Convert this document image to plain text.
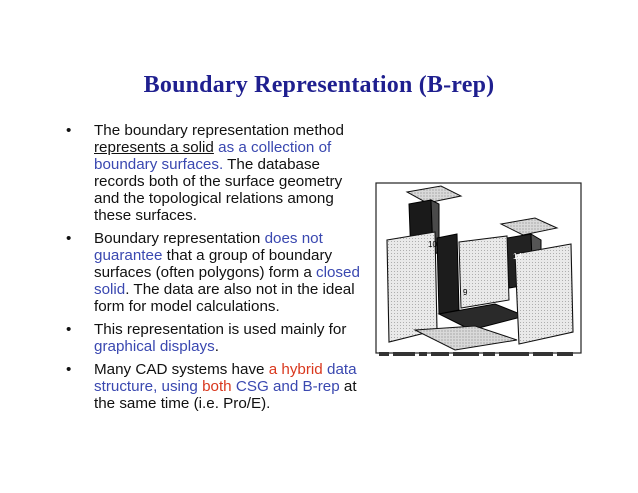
Boundary Representation (B-rep)
• The boundary representation method represents a solid as a collection of boundary surfaces. The database records both of the surface geometry and the topological relations among these surfaces.
• Boundary representation does not guarantee that a group of boundary surfaces (often polygons) form a closed solid. The data are also not in the ideal form for model calculations.
• This representation is used mainly for graphical displays.
• Many CAD systems have a hybrid data structure, using both CSG and B-rep at the same time (i.e. Pro/E).
10
14
9
